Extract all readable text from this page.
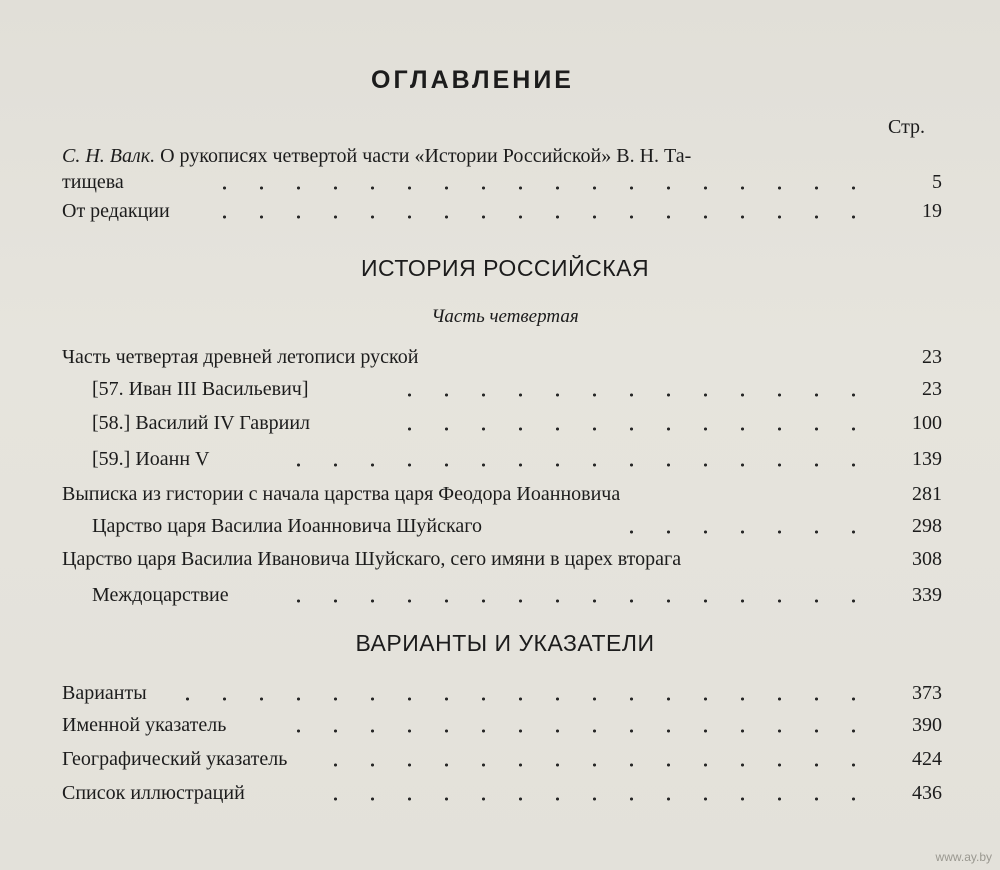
ОГЛАВЛЕНИЕ
Стр.
С. Н. Валк. О рукописях четвертой части «Истории Российской» В. Н. Та-
тищева	5
От редакции	19
ИСТОРИЯ РОССИЙСКАЯ
Часть четвертая
Часть четвертая древней летописи руской	23
[57. Иван III Васильевич]	23
[58.] Василий IV Гавриил	100
[59.] Иоанн V	139
Выписка из гистории с начала царства царя Феодора Иоанновича	281
Царство царя Василиа Иоанновича Шуйскаго	298
Царство царя Василиа Ивановича Шуйскаго, сего имяни в царех вторага	308
Междоцарствие	339
ВАРИАНТЫ И УКАЗАТЕЛИ
Варианты	373
Именной указатель	390
Географический указатель	424
Список иллюстраций	436
www.ay.by
